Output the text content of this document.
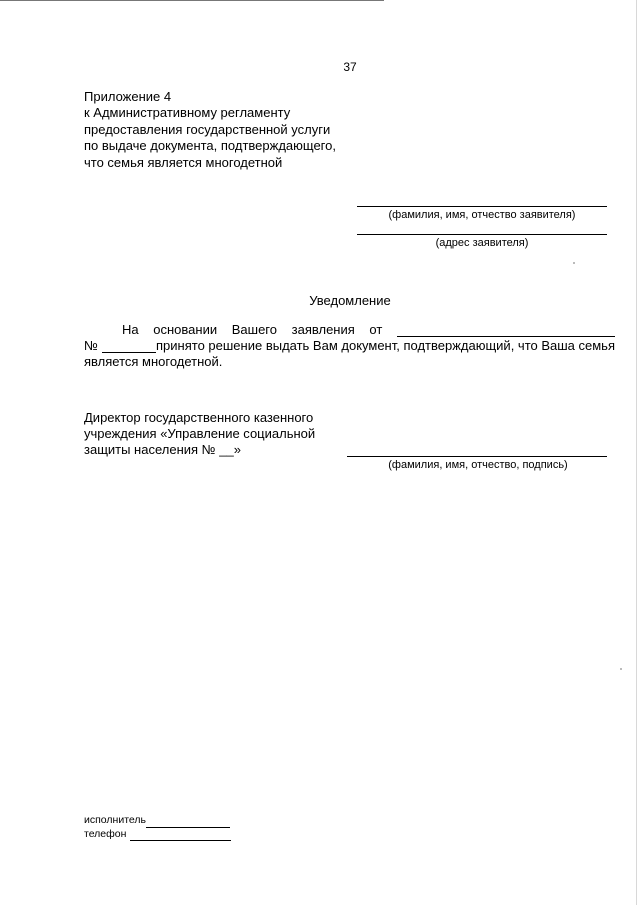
37
Приложение 4
к Административному регламенту
предоставления государственной услуги
по выдаче документа, подтверждающего,
что семья является многодетной
(фамилия, имя, отчество заявителя)
(адрес заявителя)
Уведомление
На основании Вашего заявления от
№	принято решение выдать Вам документ, подтверждающий, что Ваша семья
является многодетной.
Директор государственного казенного
учреждения «Управление социальной
защиты населения № __»
(фамилия, имя, отчество, подпись)
исполнитель
телефон
